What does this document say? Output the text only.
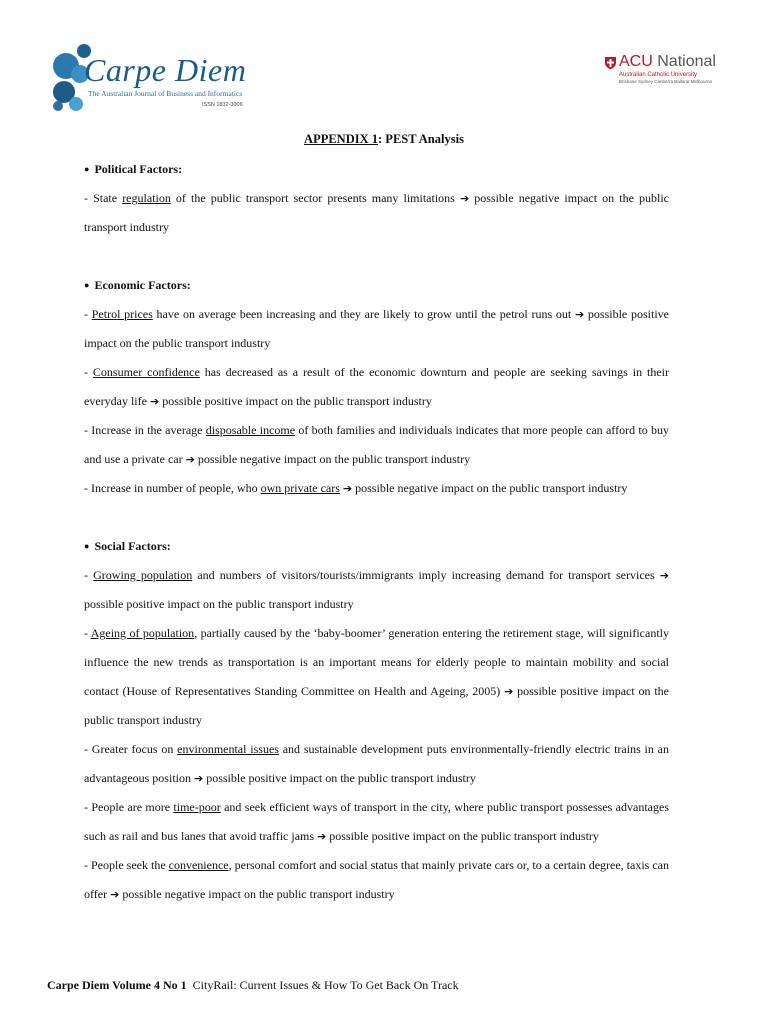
Carpe Diem
The Australian Journal of Business and Informatics
ISSN 1832-3006
ACU National
Australian Catholic University
Brisbane Sydney Canberra Ballarat Melbourne
APPENDIX 1: PEST Analysis

● Political Factors:

- State regulation of the public transport sector presents many limitations ➔ possible negative impact on the public transport industry

● Economic Factors:

- Petrol prices have on average been increasing and they are likely to grow until the petrol runs out ➔ possible positive impact on the public transport industry

- Consumer confidence has decreased as a result of the economic downturn and people are seeking savings in their everyday life ➔ possible positive impact on the public transport industry

- Increase in the average disposable income of both families and individuals indicates that more people can afford to buy and use a private car ➔ possible negative impact on the public transport industry

- Increase in number of people, who own private cars ➔ possible negative impact on the public transport industry

● Social Factors:

- Growing population and numbers of visitors/tourists/immigrants imply increasing demand for transport services ➔ possible positive impact on the public transport industry

- Ageing of population, partially caused by the ‘baby-boomer’ generation entering the retirement stage, will significantly influence the new trends as transportation is an important means for elderly people to maintain mobility and social contact (House of Representatives Standing Committee on Health and Ageing, 2005) ➔ possible positive impact on the public transport industry

- Greater focus on environmental issues and sustainable development puts environmentally-friendly electric trains in an advantageous position ➔ possible positive impact on the public transport industry

- People are more time-poor and seek efficient ways of transport in the city, where public transport possesses advantages such as rail and bus lanes that avoid traffic jams ➔ possible positive impact on the public transport industry

- People seek the convenience, personal comfort and social status that mainly private cars or, to a certain degree, taxis can offer ➔ possible negative impact on the public transport industry

Carpe Diem Volume 4 No 1 CityRail: Current Issues & How To Get Back On Track
